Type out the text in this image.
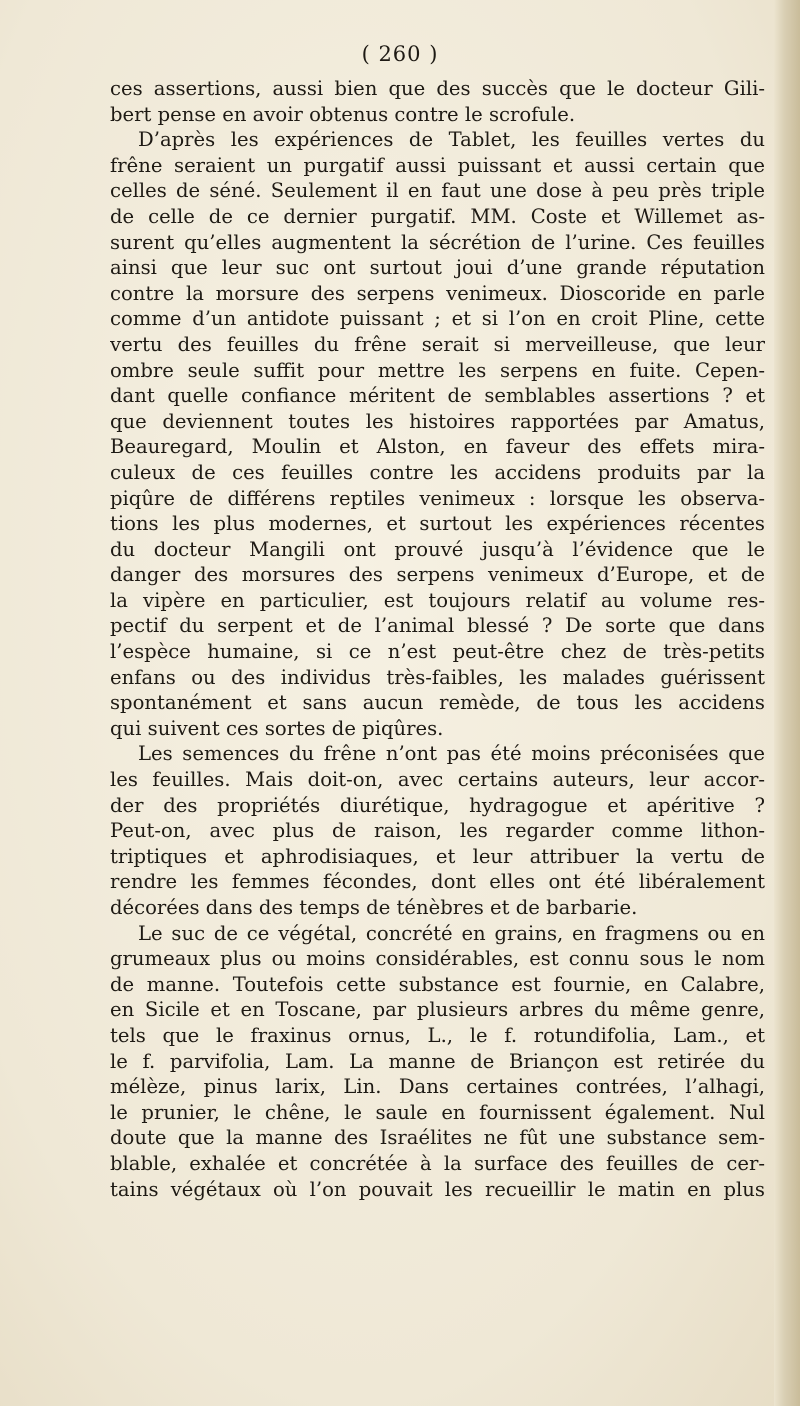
( 260 )
ces assertions, aussi bien que des succès que le docteur Gili-
bert pense en avoir obtenus contre le scrofule.
D’après les expériences de Tablet, les feuilles vertes du
frêne seraient un purgatif aussi puissant et aussi certain que
celles de séné. Seulement il en faut une dose à peu près triple
de celle de ce dernier purgatif. MM. Coste et Willemet as-
surent qu’elles augmentent la sécrétion de l’urine. Ces feuilles
ainsi que leur suc ont surtout joui d’une grande réputation
contre la morsure des serpens venimeux. Dioscoride en parle
comme d’un antidote puissant ; et si l’on en croit Pline, cette
vertu des feuilles du frêne serait si merveilleuse, que leur
ombre seule suffit pour mettre les serpens en fuite. Cepen-
dant quelle confiance méritent de semblables assertions ? et
que deviennent toutes les histoires rapportées par Amatus,
Beauregard, Moulin et Alston, en faveur des effets mira-
culeux de ces feuilles contre les accidens produits par la
piqûre de différens reptiles venimeux : lorsque les observa-
tions les plus modernes, et surtout les expériences récentes
du docteur Mangili ont prouvé jusqu’à l’évidence que le
danger des morsures des serpens venimeux d’Europe, et de
la vipère en particulier, est toujours relatif au volume res-
pectif du serpent et de l’animal blessé ? De sorte que dans
l’espèce humaine, si ce n’est peut-être chez de très-petits
enfans ou des individus très-faibles, les malades guérissent
spontanément et sans aucun remède, de tous les accidens
qui suivent ces sortes de piqûres.
Les semences du frêne n’ont pas été moins préconisées que
les feuilles. Mais doit-on, avec certains auteurs, leur accor-
der des propriétés diurétique, hydragogue et apéritive ?
Peut-on, avec plus de raison, les regarder comme lithon-
triptiques et aphrodisiaques, et leur attribuer la vertu de
rendre les femmes fécondes, dont elles ont été libéralement
décorées dans des temps de ténèbres et de barbarie.
Le suc de ce végétal, concrété en grains, en fragmens ou en
grumeaux plus ou moins considérables, est connu sous le nom
de manne. Toutefois cette substance est fournie, en Calabre,
en Sicile et en Toscane, par plusieurs arbres du même genre,
tels que le fraxinus ornus, L., le f. rotundifolia, Lam., et
le f. parvifolia, Lam. La manne de Briançon est retirée du
mélèze, pinus larix, Lin. Dans certaines contrées, l’alhagi,
le prunier, le chêne, le saule en fournissent également. Nul
doute que la manne des Israélites ne fût une substance sem-
blable, exhalée et concrétée à la surface des feuilles de cer-
tains végétaux où l’on pouvait les recueillir le matin en plus
